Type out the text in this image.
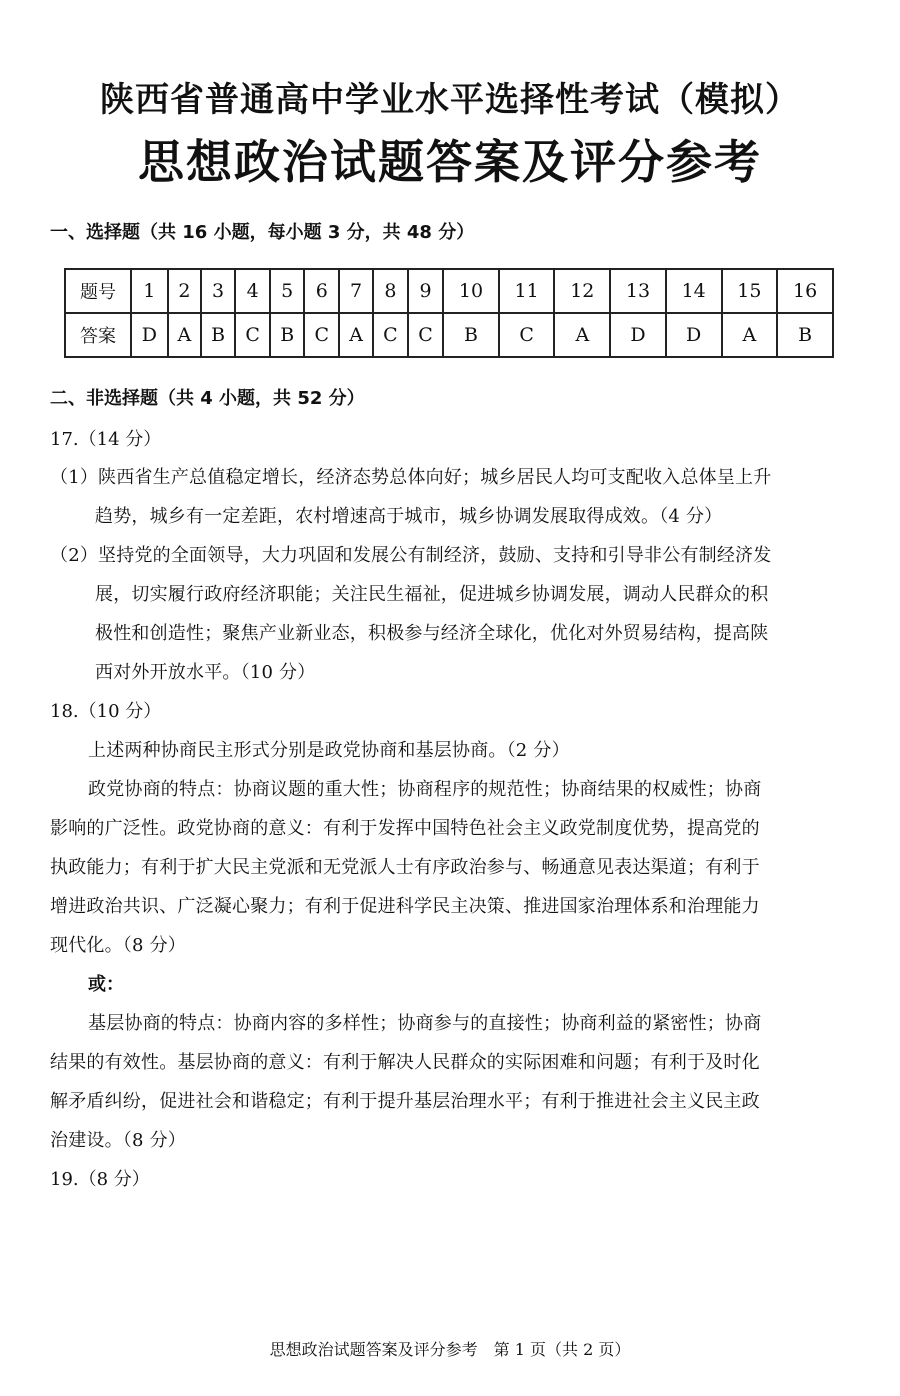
陕西省普通高中学业水平选择性考试（模拟）
思想政治试题答案及评分参考
一、选择题（共 16 小题，每小题 3 分，共 48 分）
题号	1	2	3	4	5	6	7	8	9	10	11	12	13	14	15	16
答案	D	A	B	C	B	C	A	C	C	B	C	A	D	D	A	B
二、非选择题（共 4 小题，共 52 分）
17.（14 分）
（1）陕西省生产总值稳定增长，经济态势总体向好；城乡居民人均可支配收入总体呈上升
趋势，城乡有一定差距，农村增速高于城市，城乡协调发展取得成效。（4 分）
（2）坚持党的全面领导，大力巩固和发展公有制经济，鼓励、支持和引导非公有制经济发
展，切实履行政府经济职能；关注民生福祉，促进城乡协调发展，调动人民群众的积
极性和创造性；聚焦产业新业态，积极参与经济全球化，优化对外贸易结构，提高陕
西对外开放水平。（10 分）
18.（10 分）
上述两种协商民主形式分别是政党协商和基层协商。（2 分）
政党协商的特点：协商议题的重大性；协商程序的规范性；协商结果的权威性；协商
影响的广泛性。政党协商的意义：有利于发挥中国特色社会主义政党制度优势，提高党的
执政能力；有利于扩大民主党派和无党派人士有序政治参与、畅通意见表达渠道；有利于
增进政治共识、广泛凝心聚力；有利于促进科学民主决策、推进国家治理体系和治理能力
现代化。（8 分）
或：
基层协商的特点：协商内容的多样性；协商参与的直接性；协商利益的紧密性；协商
结果的有效性。基层协商的意义：有利于解决人民群众的实际困难和问题；有利于及时化
解矛盾纠纷，促进社会和谐稳定；有利于提升基层治理水平；有利于推进社会主义民主政
治建设。（8 分）
19.（8 分）
思想政治试题答案及评分参考　第 1 页（共 2 页）
